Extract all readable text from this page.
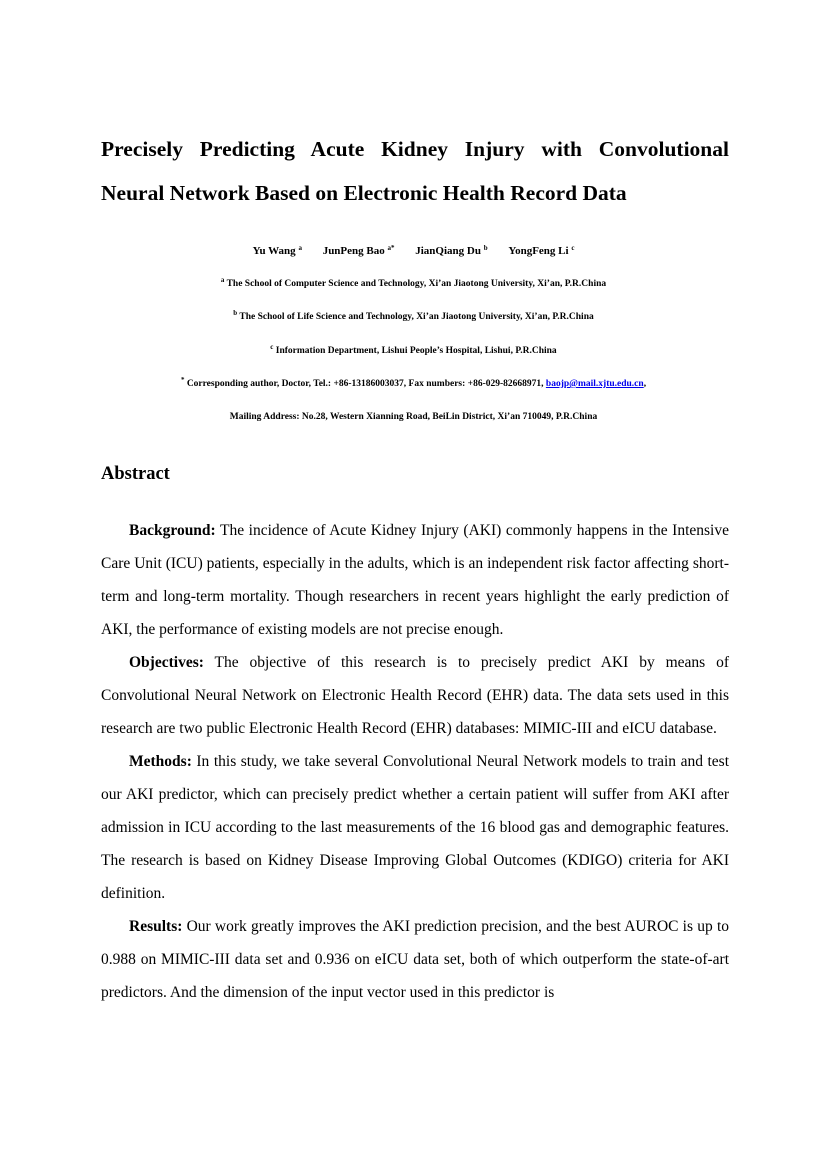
Precisely Predicting Acute Kidney Injury with Convolutional
Neural Network Based on Electronic Health Record Data
Yu Wang $^a$ JunPeng Bao $^{a*}$ JianQiang Du $^b$ YongFeng Li $^c$
$^a$ The School of Computer Science and Technology, Xi’an Jiaotong University, Xi’an, P.R.China
$^b$ The School of Life Science and Technology, Xi’an Jiaotong University, Xi’an, P.R.China
$^c$ Information Department, Lishui People’s Hospital, Lishui, P.R.China
* Corresponding author, Doctor, Tel.: +86-13186003037, Fax numbers: +86-029-82668971, baojp@mail.xjtu.edu.cn,
Mailing Address: No.28, Western Xianning Road, BeiLin District, Xi’an 710049, P.R.China
Abstract

Background: The incidence of Acute Kidney Injury (AKI) commonly happens in the Intensive Care Unit (ICU) patients, especially in the adults, which is an independent risk factor affecting short-term and long-term mortality. Though researchers in recent years highlight the early prediction of AKI, the performance of existing models are not precise enough.

Objectives: The objective of this research is to precisely predict AKI by means of Convolutional Neural Network on Electronic Health Record (EHR) data. The data sets used in this research are two public Electronic Health Record (EHR) databases: MIMIC-III and eICU database.

Methods: In this study, we take several Convolutional Neural Network models to train and test our AKI predictor, which can precisely predict whether a certain patient will suffer from AKI after admission in ICU according to the last measurements of the 16 blood gas and demographic features. The research is based on Kidney Disease Improving Global Outcomes (KDIGO) criteria for AKI definition.

Results: Our work greatly improves the AKI prediction precision, and the best AUROC is up to 0.988 on MIMIC-III data set and 0.936 on eICU data set, both of which outperform the state-of-art predictors. And the dimension of the input vector used in this predictor is
